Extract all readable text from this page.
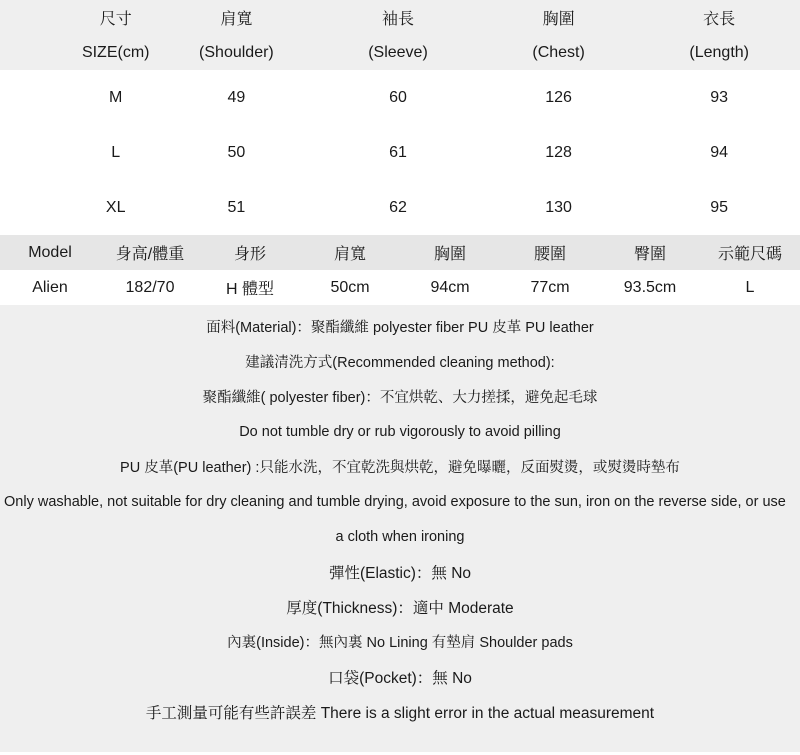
尺寸	肩寬	袖長	胸圍	衣長
SIZE(cm)	(Shoulder)	(Sleeve)	(Chest)	(Length)
M	49	60	126	93
L	50	61	128	94
XL	51	62	130	95
Model	身高/體重	身形	肩寬	胸圍	腰圍	臀圍	示範尺碼
Alien	182/70	H 體型	50cm	94cm	77cm	93.5cm	L
面料(Material)：聚酯纖維 polyester fiber PU 皮革 PU leather
建議清洗方式(Recommended cleaning method):
聚酯纖維( polyester fiber)：不宜烘乾、大力搓揉，避免起毛球
Do not tumble dry or rub vigorously to avoid pilling
PU 皮革(PU leather) :只能水洗，不宜乾洗與烘乾，避免曝曬，反面熨燙，或熨燙時墊布
Only washable, not suitable for dry cleaning and tumble drying, avoid exposure to the sun, iron on the reverse side, or use
a cloth when ironing
彈性(Elastic)：無 No
厚度(Thickness)：適中 Moderate
內裏(Inside)：無內裏 No Lining 有墊肩 Shoulder pads
口袋(Pocket)：無 No
手工測量可能有些許誤差 There is a slight error in the actual measurement
